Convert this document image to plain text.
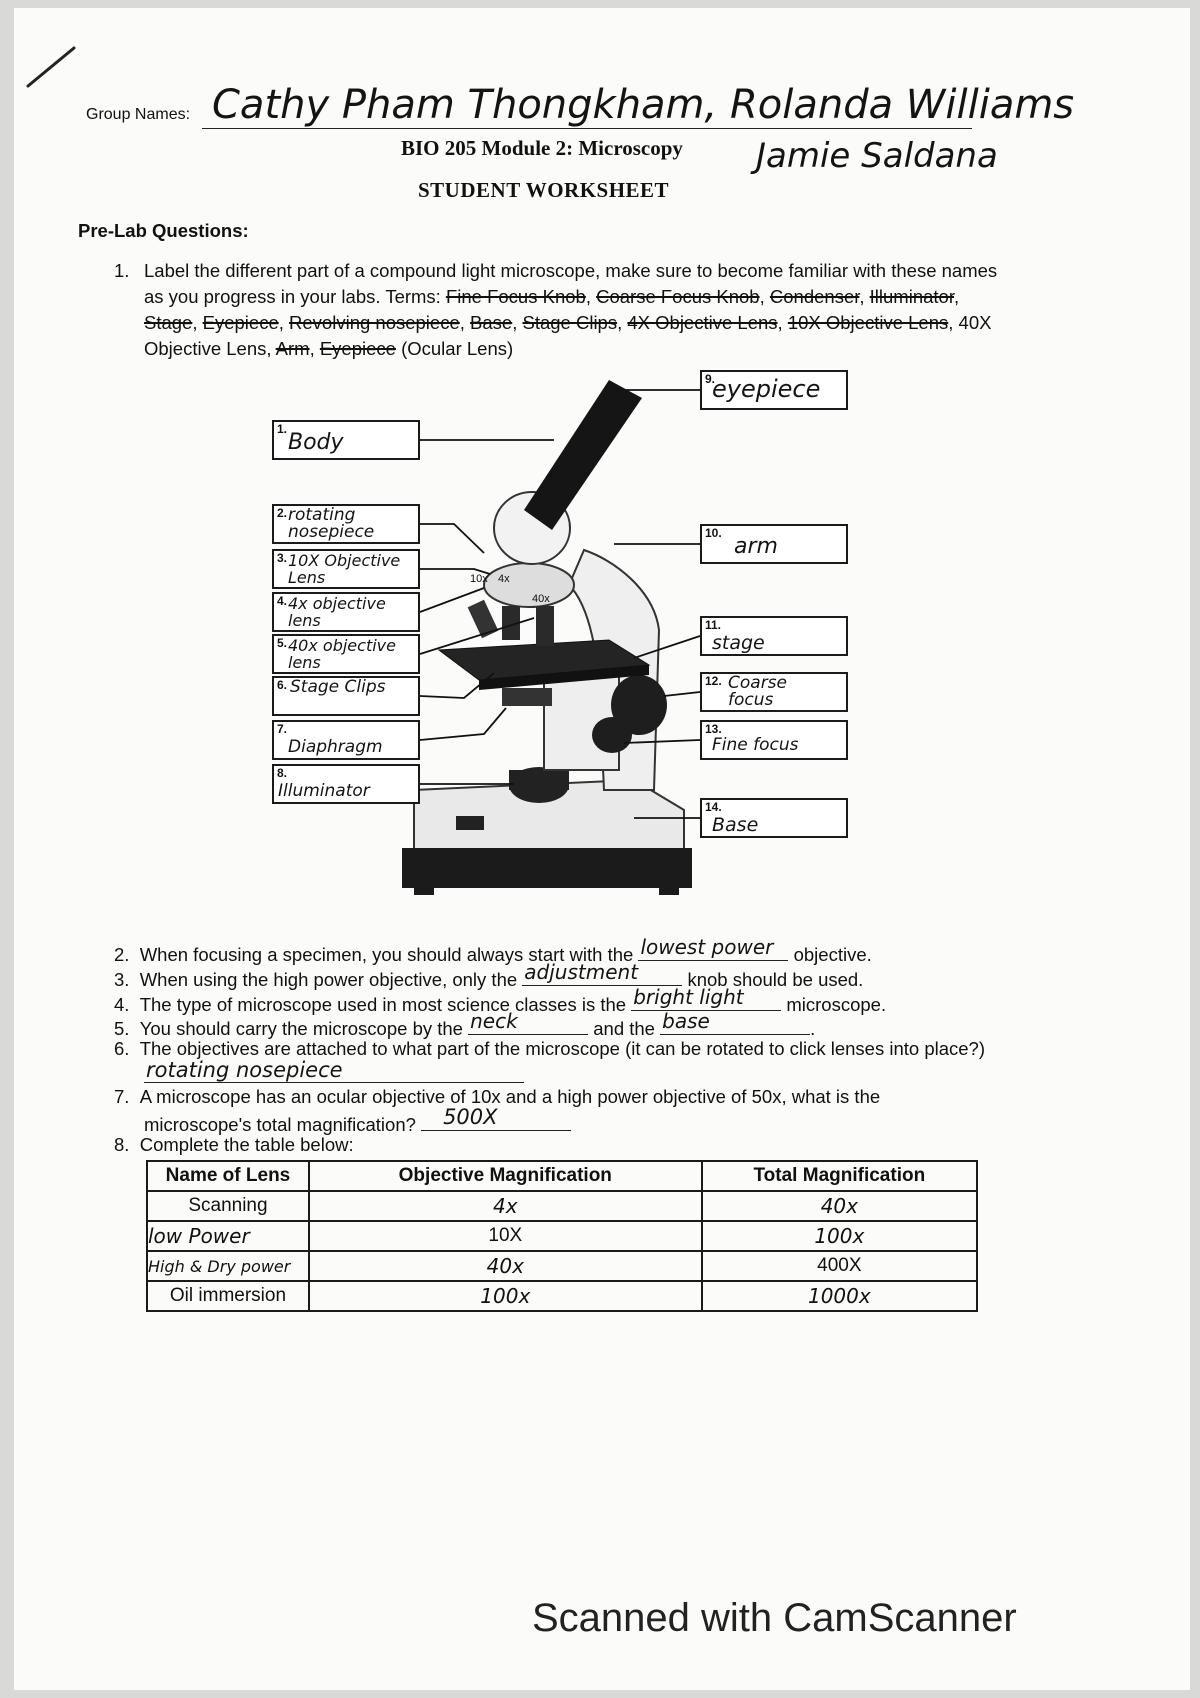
Group Names: Cathy Pham Thongkham, Rolanda Williams
Jamie Saldana
BIO 205 Module 2: Microscopy
STUDENT WORKSHEET
Pre-Lab Questions:
1. Label the different part of a compound light microscope, make sure to become familiar with these names as you progress in your labs. Terms: Fine Focus Knob, Coarse Focus Knob, Condenser, Illuminator, Stage, Eyepiece, Revolving nosepiece, Base, Stage Clips, 4X Objective Lens, 10X Objective Lens, 40X Objective Lens, Arm, Eyepiece (Ocular Lens)
10x 4x
40x
1.
Body
2. rotating nosepiece
3. 10X Objective Lens
4. 4x objective lens
5. 40x objective lens
6. Stage Clips
7.
Diaphragm
8.
Illuminator
9.
eyepiece
10.
arm
11.
stage
12. Coarse focus
13.
Fine focus
14.
Base
2. When focusing a specimen, you should always start with the lowest power objective.
3. When using the high power objective, only the adjustment	knob should be used.
4. The type of microscope used in most science classes is the bright light microscope.
5. You should carry the microscope by the neck	and the base	.
6. The objectives are attached to what part of the microscope (it can be rotated to click lenses into place?)
rotating nosepiece
7. A microscope has an ocular objective of 10x and a high power objective of 50x, what is the
microscope's total magnification? 500X
8. Complete the table below:
Name of Lens	Objective Magnification	Total Magnification
Scanning	4x	40x
low Power	10X	100x
High & Dry power	40x	400X
Oil immersion	100x	1000x
Scanned with CamScanner
